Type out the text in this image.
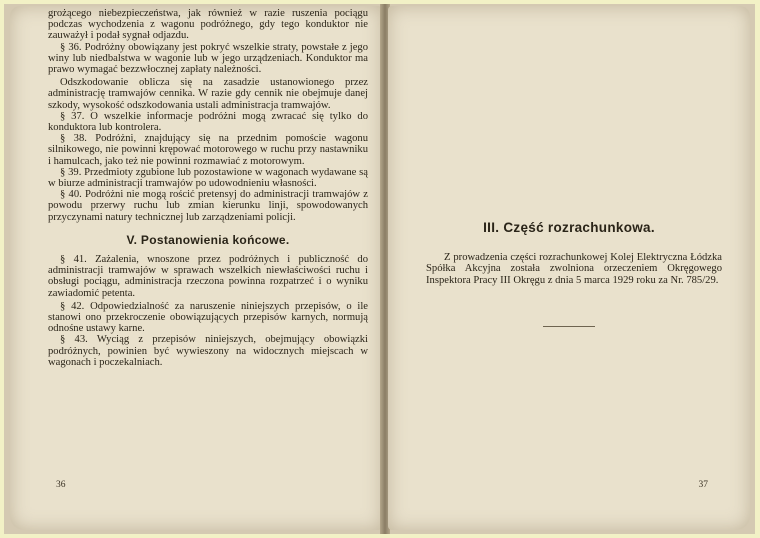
grożącego niebezpieczeństwa, jak również w razie ruszenia pociągu podczas wychodzenia z wagonu podróżnego, gdy tego konduktor nie zauważył i podał sygnał odjazdu.

§ 36. Podróżny obowiązany jest pokryć wszelkie straty, powstałe z jego winy lub niedbalstwa w wagonie lub w jego urządzeniach. Konduktor ma prawo wymagać bezzwłocznej zapłaty należności.

Odszkodowanie oblicza się na zasadzie ustanowionego przez administrację tramwajów cennika. W razie gdy cennik nie obejmuje danej szkody, wysokość odszkodowania ustali administracja tramwajów.

§ 37. O wszelkie informacje podróżni mogą zwracać się tylko do konduktora lub kontrolera.

§ 38. Podróżni, znajdujący się na przednim pomoście wagonu silnikowego, nie powinni krępować motorowego w ruchu przy nastawniku i hamulcach, jako też nie powinni rozmawiać z motorowym.

§ 39. Przedmioty zgubione lub pozostawione w wagonach wydawane są w biurze administracji tramwajów po udowodnieniu własności.

§ 40. Podróżni nie mogą rościć pretensyj do administracji tramwajów z powodu przerwy ruchu lub zmian kierunku linji, spowodowanych przyczynami natury technicznej lub zarządzeniami policji.

V. Postanowienia końcowe.

§ 41. Zażalenia, wnoszone przez podróżnych i publiczność do administracji tramwajów w sprawach wszelkich niewłaściwości ruchu i obsługi pociągu, administracja rzeczona powinna rozpatrzeć i o wyniku zawiadomić petenta.

§ 42. Odpowiedzialność za naruszenie niniejszych przepisów, o ile stanowi ono przekroczenie obowiązujących przepisów karnych, normują odnośne ustawy karne.

§ 43. Wyciąg z przepisów niniejszych, obejmujący obowiązki podróżnych, powinien być wywieszony na widocznych miejscach w wagonach i poczekalniach.

36
III. Część rozrachunkowa.

Z prowadzenia części rozrachunkowej Kolej Elektryczna Łódzka Spółka Akcyjna została zwolniona orzeczeniem Okręgowego Inspektora Pracy III Okręgu z dnia 5 marca 1929 roku za Nr. 785/29.

37
